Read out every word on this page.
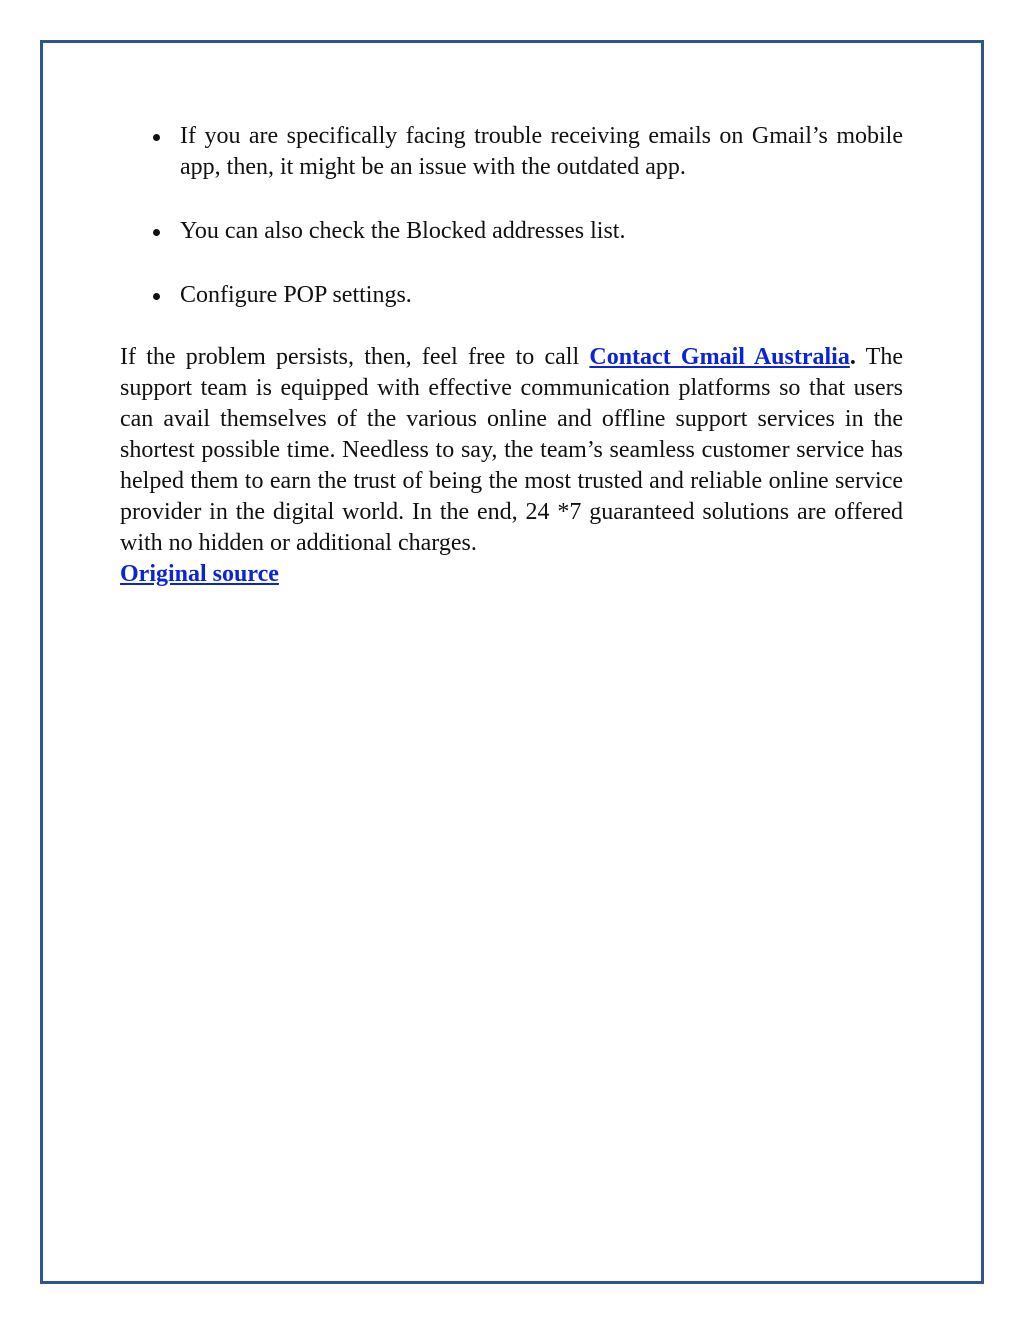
If you are specifically facing trouble receiving emails on Gmail’s mobile app, then, it might be an issue with the outdated app.
You can also check the Blocked addresses list.
Configure POP settings.

If the problem persists, then, feel free to call Contact Gmail Australia. The support team is equipped with effective communication platforms so that users can avail themselves of the various online and offline support services in the shortest possible time. Needless to say, the team’s seamless customer service has helped them to earn the trust of being the most trusted and reliable online service provider in the digital world. In the end, 24 *7 guaranteed solutions are offered with no hidden or additional charges.

Original source
